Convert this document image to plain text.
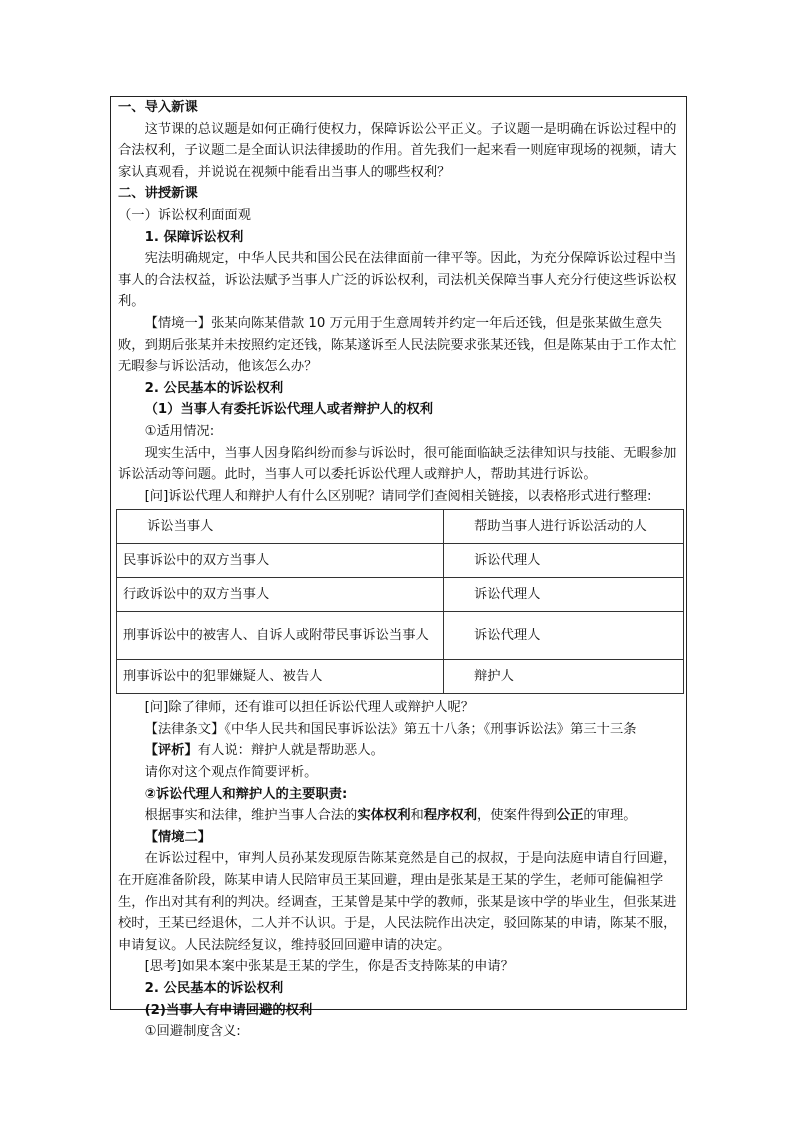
一、导入新课

这节课的总议题是如何正确行使权力，保障诉讼公平正义。子议题一是明确在诉讼过程中的合法权利，子议题二是全面认识法律援助的作用。首先我们一起来看一则庭审现场的视频，请大家认真观看，并说说在视频中能看出当事人的哪些权利？

二、讲授新课

（一）诉讼权利面面观

1. 保障诉讼权利

宪法明确规定，中华人民共和国公民在法律面前一律平等。因此，为充分保障诉讼过程中当事人的合法权益，诉讼法赋予当事人广泛的诉讼权利，司法机关保障当事人充分行使这些诉讼权利。

【情境一】张某向陈某借款 10 万元用于生意周转并约定一年后还钱，但是张某做生意失败，到期后张某并未按照约定还钱，陈某遂诉至人民法院要求张某还钱，但是陈某由于工作太忙无暇参与诉讼活动，他该怎么办？

2. 公民基本的诉讼权利

（1）当事人有委托诉讼代理人或者辩护人的权利

①适用情况:

现实生活中，当事人因身陷纠纷而参与诉讼时，很可能面临缺乏法律知识与技能、无暇参加诉讼活动等问题。此时，当事人可以委托诉讼代理人或辩护人，帮助其进行诉讼。

[问]诉讼代理人和辩护人有什么区别呢？请同学们查阅相关链接，以表格形式进行整理:

诉讼当事人	帮助当事人进行诉讼活动的人
民事诉讼中的双方当事人	诉讼代理人
行政诉讼中的双方当事人	诉讼代理人
刑事诉讼中的被害人、自诉人或附带民事诉讼当事人	诉讼代理人
刑事诉讼中的犯罪嫌疑人、被告人	辩护人

[问]除了律师，还有谁可以担任诉讼代理人或辩护人呢？

【法律条文】《中华人民共和国民事诉讼法》第五十八条；《刑事诉讼法》第三十三条

【评析】有人说：辩护人就是帮助恶人。

请你对这个观点作简要评析。

②诉讼代理人和辩护人的主要职责:

根据事实和法律，维护当事人合法的实体权利和程序权利，使案件得到公正的审理。

【情境二】

在诉讼过程中，审判人员孙某发现原告陈某竟然是自己的叔叔，于是向法庭申请自行回避，在开庭准备阶段，陈某申请人民陪审员王某回避，理由是张某是王某的学生，老师可能偏袒学生，作出对其有利的判决。经调查，王某曾是某中学的教师，张某是该中学的毕业生，但张某进校时，王某已经退休，二人并不认识。于是，人民法院作出决定，驳回陈某的申请，陈某不服，申请复议。人民法院经复议，维持驳回回避申请的决定。

[思考]如果本案中张某是王某的学生，你是否支持陈某的申请？

2. 公民基本的诉讼权利

(2)当事人有申请回避的权利

①回避制度含义:
